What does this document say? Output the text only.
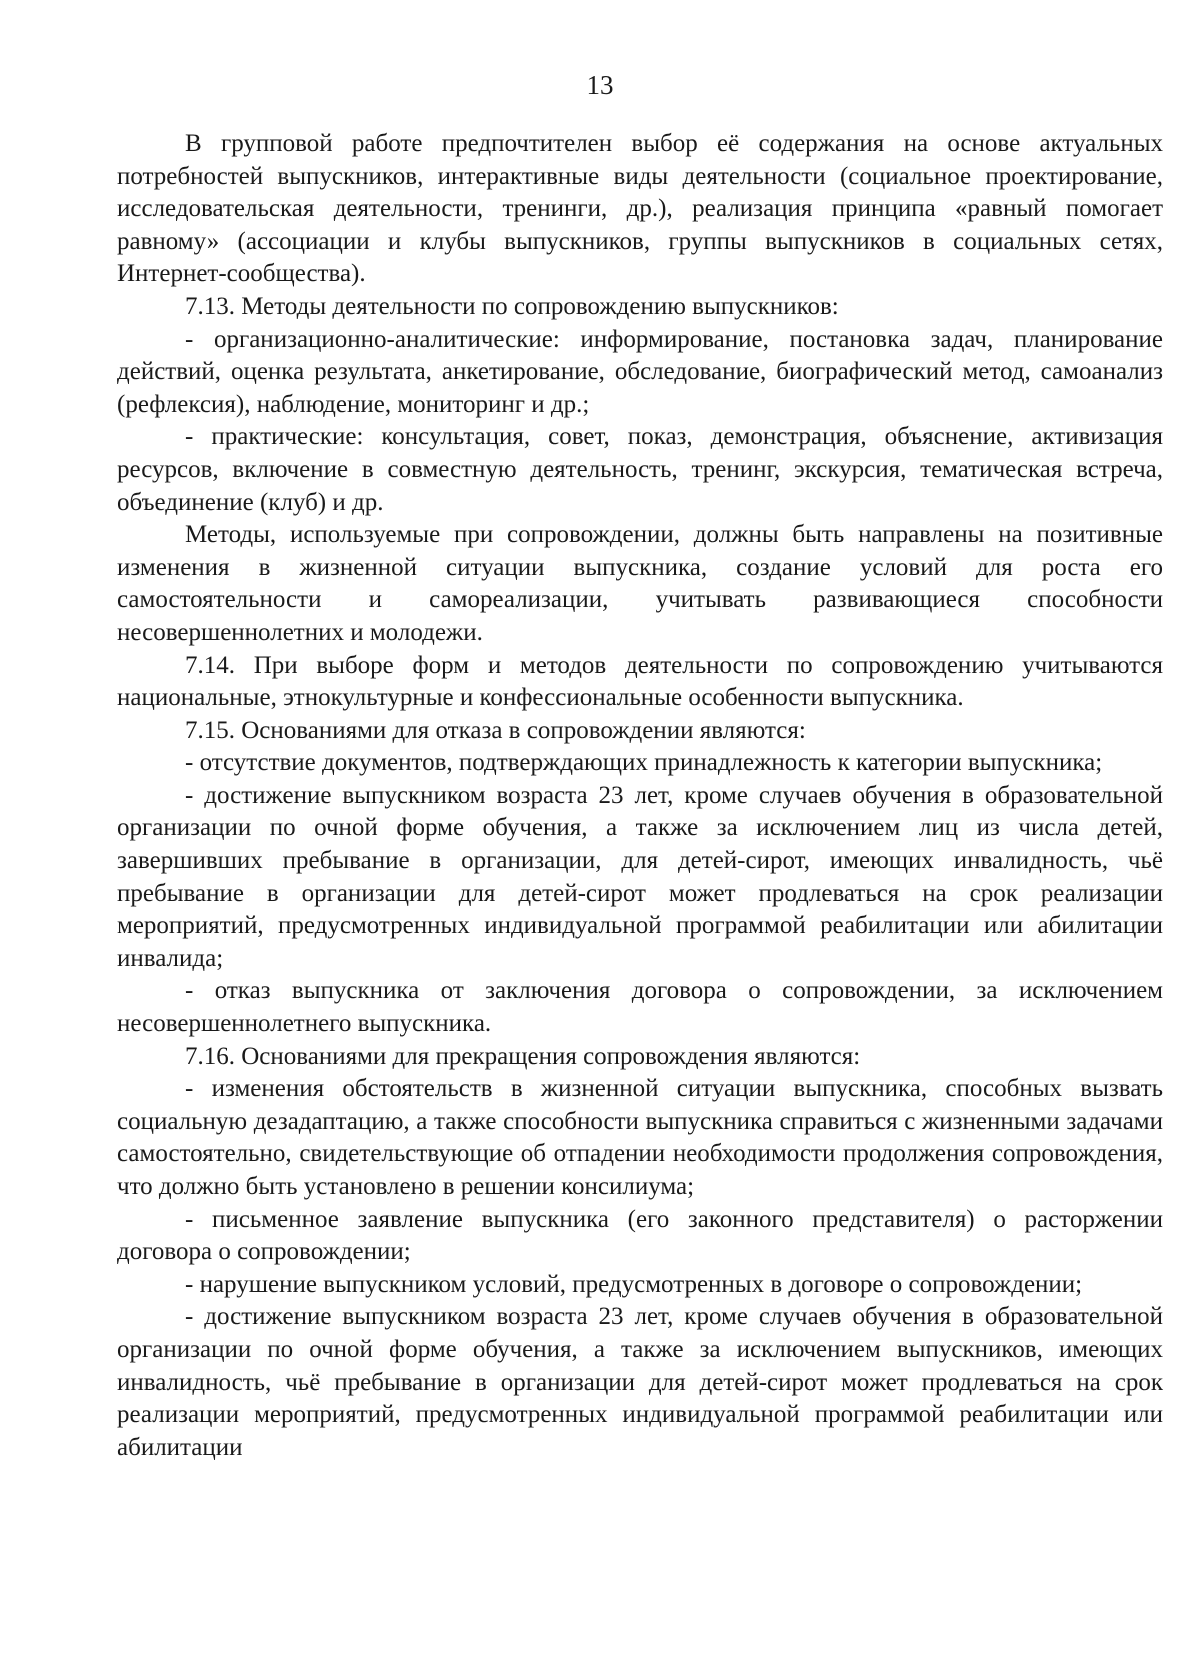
13

В групповой работе предпочтителен выбор её содержания на основе актуальных потребностей выпускников, интерактивные виды деятельности (социальное проектирование, исследовательская деятельности, тренинги, др.), реализация принципа «равный помогает равному» (ассоциации и клубы выпускников, группы выпускников в социальных сетях, Интернет-сообщества).

7.13. Методы деятельности по сопровождению выпускников:

- организационно-аналитические: информирование, постановка задач, планирование действий, оценка результата, анкетирование, обследование, биографический метод, самоанализ (рефлексия), наблюдение, мониторинг и др.;

- практические: консультация, совет, показ, демонстрация, объяснение, активизация ресурсов, включение в совместную деятельность, тренинг, экскурсия, тематическая встреча, объединение (клуб) и др.

Методы, используемые при сопровождении, должны быть направлены на позитивные изменения в жизненной ситуации выпускника, создание условий для роста его самостоятельности и самореализации, учитывать развивающиеся способности несовершеннолетних и молодежи.

7.14. При выборе форм и методов деятельности по сопровождению учитываются национальные, этнокультурные и конфессиональные особенности выпускника.

7.15. Основаниями для отказа в сопровождении являются:

- отсутствие документов, подтверждающих принадлежность к категории выпускника;

- достижение выпускником возраста 23 лет, кроме случаев обучения в образовательной организации по очной форме обучения, а также за исключением лиц из числа детей, завершивших пребывание в организации, для детей-сирот, имеющих инвалидность, чьё пребывание в организации для детей-сирот может продлеваться на срок реализации мероприятий, предусмотренных индивидуальной программой реабилитации или абилитации инвалида;

- отказ выпускника от заключения договора о сопровождении, за исключением несовершеннолетнего выпускника.

7.16. Основаниями для прекращения сопровождения являются:

- изменения обстоятельств в жизненной ситуации выпускника, способных вызвать социальную дезадаптацию, а также способности выпускника справиться с жизненными задачами самостоятельно, свидетельствующие об отпадении необходимости продолжения сопровождения, что должно быть установлено в решении консилиума;

- письменное заявление выпускника (его законного представителя) о расторжении договора о сопровождении;

- нарушение выпускником условий, предусмотренных в договоре о сопровождении;

- достижение выпускником возраста 23 лет, кроме случаев обучения в образовательной организации по очной форме обучения, а также за исключением выпускников, имеющих инвалидность, чьё пребывание в организации для детей-сирот может продлеваться на срок реализации мероприятий, предусмотренных индивидуальной программой реабилитации или абилитации
